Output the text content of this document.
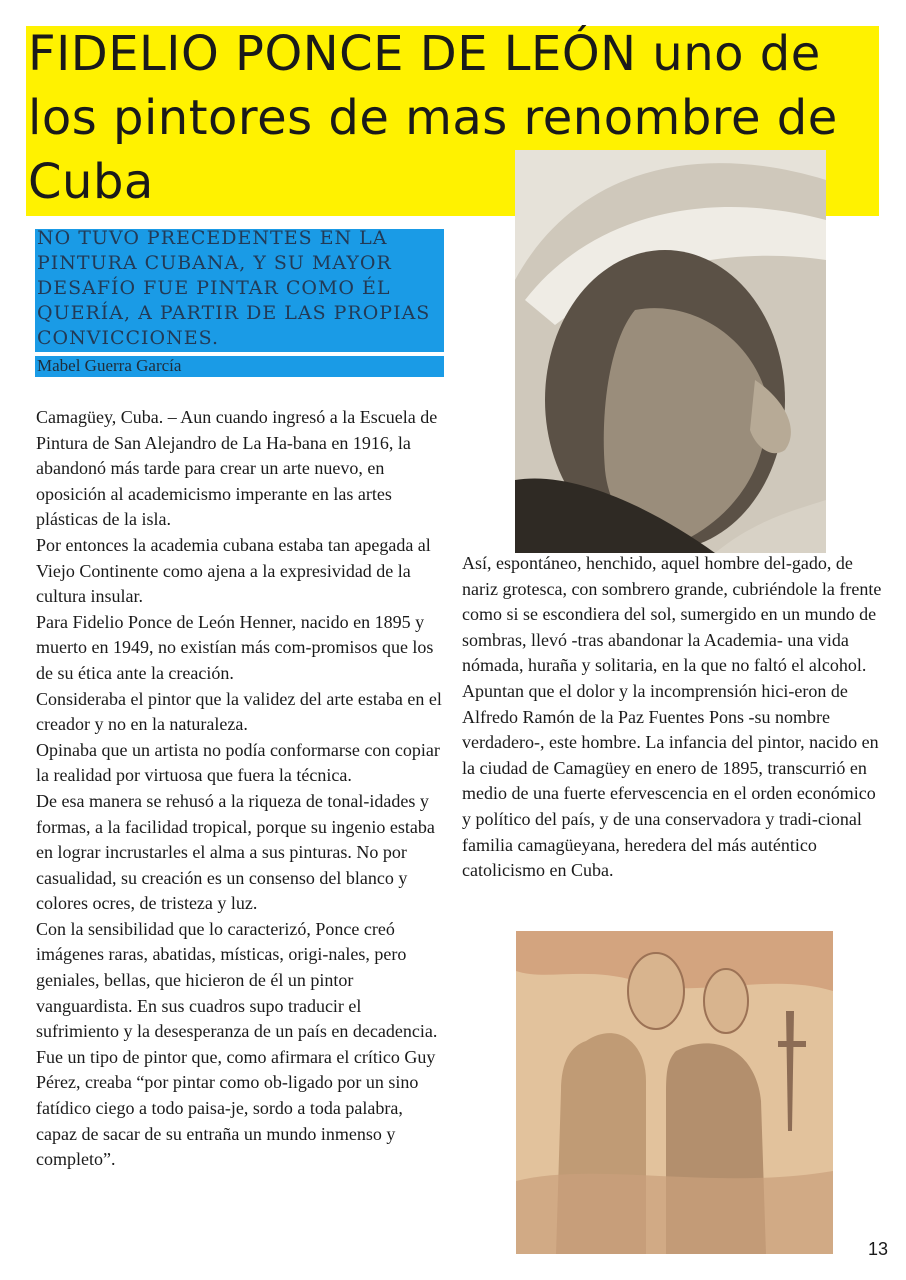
FIDELIO PONCE DE LEÓN uno de los pintores de mas renombre de Cuba

NO TUVO PRECEDENTES EN LA PINTURA CUBANA, Y SU MAYOR DESAFÍO FUE PINTAR COMO ÉL QUERÍA, A PARTIR DE LAS PROPIAS CONVICCIONES.

Mabel Guerra García

Camagüey, Cuba. – Aun cuando ingresó a la Escuela de Pintura de San Alejandro de La Ha-bana en 1916, la abandonó más tarde para crear un arte nuevo, en oposición al academicismo imperante en las artes plásticas de la isla.

Por entonces la academia cubana estaba tan apegada al Viejo Continente como ajena a la expresividad de la cultura insular.

Para Fidelio Ponce de León Henner, nacido en 1895 y muerto en 1949, no existían más com-promisos que los de su ética ante la creación.

Consideraba el pintor que la validez del arte estaba en el creador y no en la naturaleza.

Opinaba que un artista no podía conformarse con copiar la realidad por virtuosa que fuera la técnica.

De esa manera se rehusó a la riqueza de tonal-idades y formas, a la facilidad tropical, porque su ingenio estaba en lograr incrustarles el alma a sus pinturas. No por casualidad, su creación es un consenso del blanco y colores ocres, de tristeza y luz.

Con la sensibilidad que lo caracterizó, Ponce creó imágenes raras, abatidas, místicas, origi-nales, pero geniales, bellas, que hicieron de él un pintor vanguardista. En sus cuadros supo traducir el sufrimiento y la desesperanza de un país en decadencia.

Fue un tipo de pintor que, como afirmara el crítico Guy Pérez, creaba “por pintar como ob-ligado por un sino fatídico ciego a todo paisa-je, sordo a toda palabra, capaz de sacar de su entraña un mundo inmenso y completo”.

Así, espontáneo, henchido, aquel hombre del-gado, de nariz grotesca, con sombrero grande, cubriéndole la frente como si se escondiera del sol, sumergido en un mundo de sombras, llevó -tras abandonar la Academia- una vida nómada, huraña y solitaria, en la que no faltó el alcohol.

Apuntan que el dolor y la incomprensión hici-eron de Alfredo Ramón de la Paz Fuentes Pons -su nombre verdadero-, este hombre. La infancia del pintor, nacido en la ciudad de Camagüey en enero de 1895, transcurrió en medio de una fuerte efervescencia en el orden económico y político del país, y de una conservadora y tradi-cional familia camagüeyana, heredera del más auténtico catolicismo en Cuba.

13
